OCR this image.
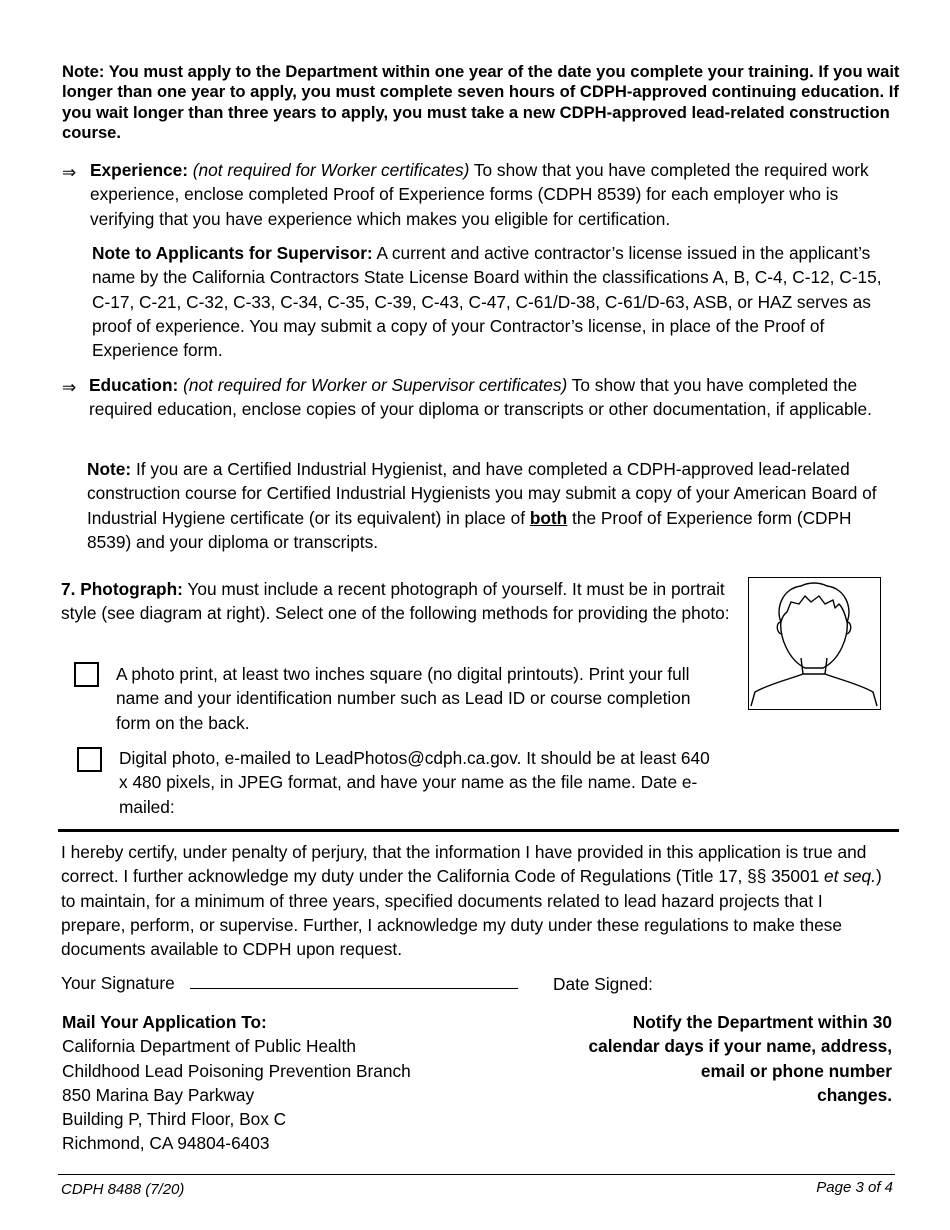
Note: You must apply to the Department within one year of the date you complete your training. If you wait longer than one year to apply, you must complete seven hours of CDPH-approved continuing education. If you wait longer than three years to apply, you must take a new CDPH-approved lead-related construction course.
⇒ Experience: (not required for Worker certificates) To show that you have completed the required work experience, enclose completed Proof of Experience forms (CDPH 8539) for each employer who is verifying that you have experience which makes you eligible for certification.
Note to Applicants for Supervisor: A current and active contractor’s license issued in the applicant’s name by the California Contractors State License Board within the classifications A, B, C-4, C-12, C-15, C-17, C-21, C-32, C-33, C-34, C-35, C-39, C-43, C-47, C-61/D-38, C-61/D-63, ASB, or HAZ serves as proof of experience. You may submit a copy of your Contractor’s license, in place of the Proof of Experience form.
⇒ Education: (not required for Worker or Supervisor certificates) To show that you have completed the required education, enclose copies of your diploma or transcripts or other documentation, if applicable.
Note: If you are a Certified Industrial Hygienist, and have completed a CDPH-approved lead-related construction course for Certified Industrial Hygienists you may submit a copy of your American Board of Industrial Hygiene certificate (or its equivalent) in place of both the Proof of Experience form (CDPH 8539) and your diploma or transcripts.
7. Photograph: You must include a recent photograph of yourself. It must be in portrait style (see diagram at right). Select one of the following methods for providing the photo:
A photo print, at least two inches square (no digital printouts). Print your full name and your identification number such as Lead ID or course completion form on the back.
Digital photo, e-mailed to LeadPhotos@cdph.ca.gov. It should be at least 640 x 480 pixels, in JPEG format, and have your name as the file name. Date e-mailed:
I hereby certify, under penalty of perjury, that the information I have provided in this application is true and correct. I further acknowledge my duty under the California Code of Regulations (Title 17, §§ 35001 et seq.) to maintain, for a minimum of three years, specified documents related to lead hazard projects that I prepare, perform, or supervise. Further, I acknowledge my duty under these regulations to make these documents available to CDPH upon request.
Your Signature	Date Signed:
Mail Your Application To:
California Department of Public Health
Childhood Lead Poisoning Prevention Branch
850 Marina Bay Parkway
Building P, Third Floor, Box C
Richmond, CA 94804-6403
Notify the Department within 30
calendar days if your name, address,
email or phone number
changes.
CDPH 8488 (7/20)	Page 3 of 4
